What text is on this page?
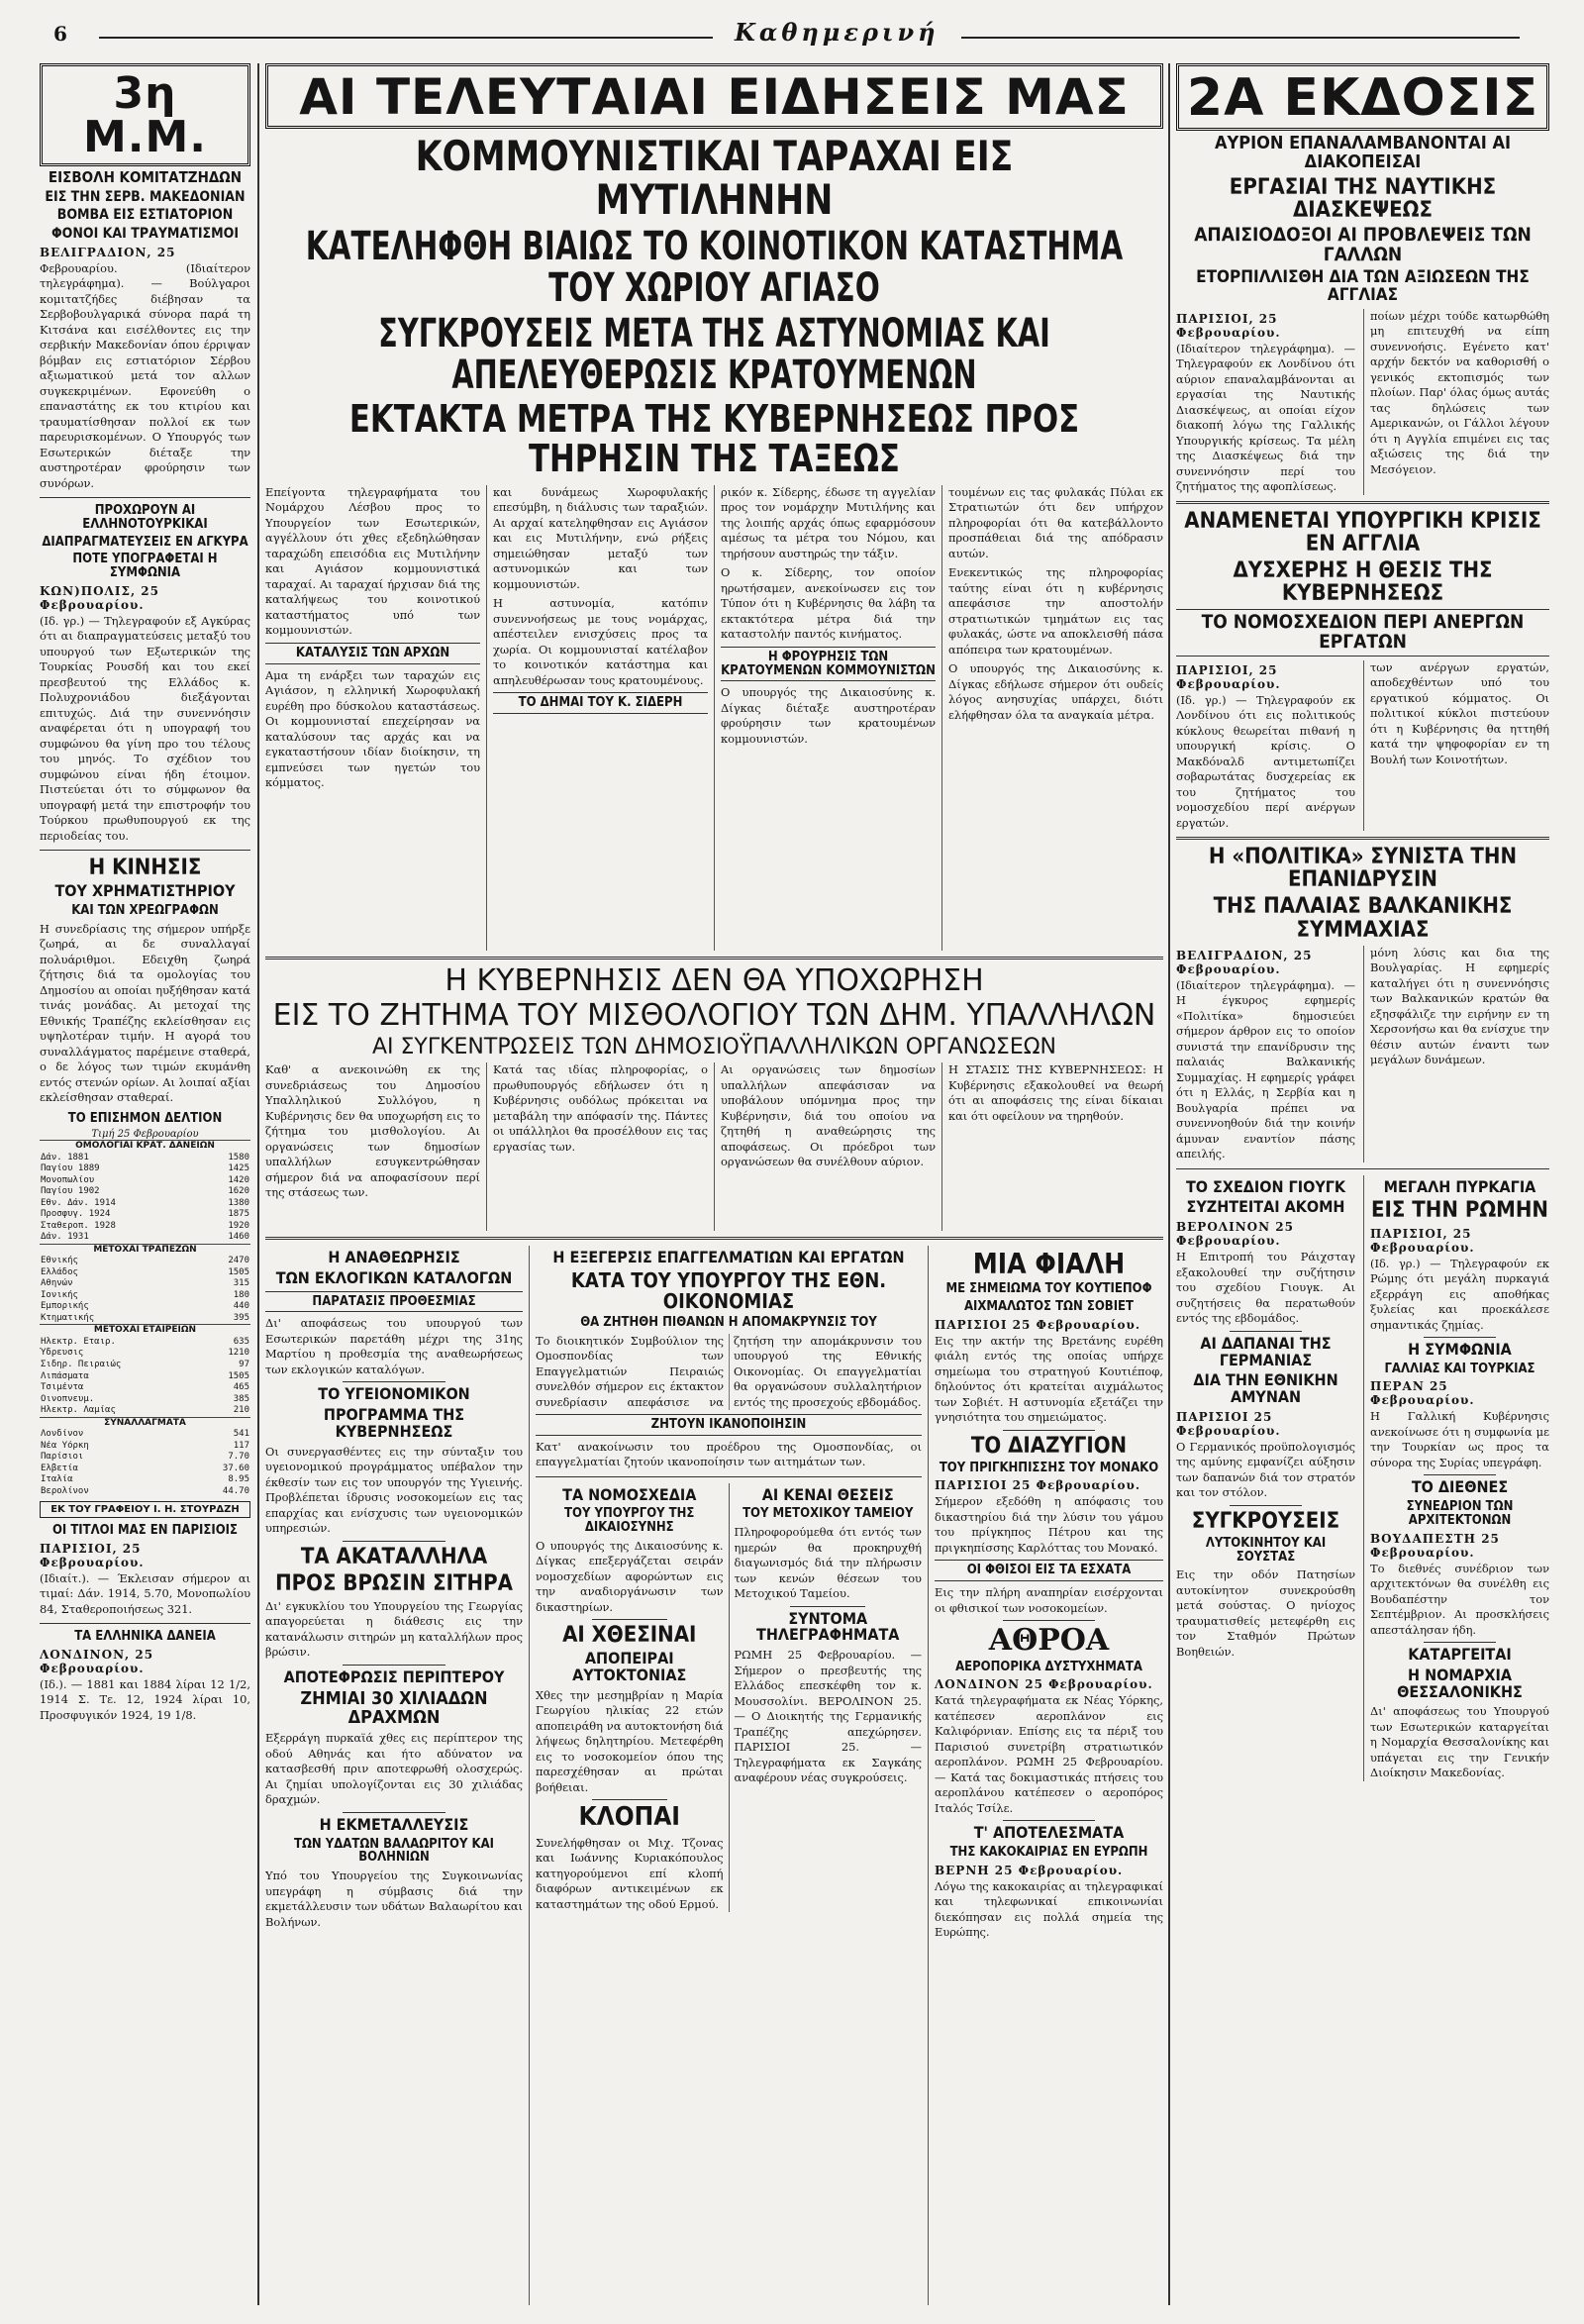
6	Καθημερινή
3η Μ.Μ.
ΕΙΣΒΟΛΗ ΚΟΜΙΤΑΤΖΗΔΩΝ
ΕΙΣ ΤΗΝ ΣΕΡΒ. ΜΑΚΕΔΟΝΙΑΝ
ΒΟΜΒΑ ΕΙΣ ΕΣΤΙΑΤΟΡΙΟΝ
ΦΟΝΟΙ ΚΑΙ ΤΡΑΥΜΑΤΙΣΜΟΙ
ΒΕΛΙΓΡΑΔΙΟΝ, 25
Φεβρουαρίου. (Ιδιαίτερον τηλεγράφημα). — Βούλγαροι κομιτατζήδες διέβησαν τα Σερβοβουλγαρικά σύνορα παρά τη Κιτσάνα και εισέλθοντες εις την σερβικήν Μακεδονίαν όπου έρριψαν βόμβαν εις εστιατόριον Σέρβου αξιωματικού μετά τον αλλων συγκεκριμένων. Εφονεύθη ο επαναστάτης εκ του κτιρίου και τραυματίσθησαν πολλοί εκ των παρευρισκομένων. Ο Υπουργός των Εσωτερικών διέταξε την αυστηροτέραν φρούρησιν των συνόρων.
ΠΡΟΧΩΡΟΥΝ ΑΙ ΕΛΛΗΝΟΤΟΥΡΚΙΚΑΙ
ΔΙΑΠΡΑΓΜΑΤΕΥΣΕΙΣ ΕΝ ΑΓΚΥΡΑ
ΠΟΤΕ ΥΠΟΓΡΑΦΕΤΑΙ Η ΣΥΜΦΩΝΙΑ
ΚΩΝ)ΠΟΛΙΣ, 25 Φεβρουαρίου.
(Ιδ. γρ.) — Τηλεγραφούν εξ Αγκύρας ότι αι διαπραγματεύσεις μεταξύ του υπουργού των Εξωτερικών της Τουρκίας Ρουσδή και του εκεί πρεσβευτού της Ελλάδος κ. Πολυχρονιάδου διεξάγονται επιτυχώς. Διά την συνεννόησιν αναφέρεται ότι η υπογραφή του συμφώνου θα γίνη προ του τέλους του μηνός. Το σχέδιον του συμφώνου είναι ήδη έτοιμον. Πιστεύεται ότι το σύμφωνον θα υπογραφή μετά την επιστροφήν του Τούρκου πρωθυπουργού εκ της περιοδείας του.
Η ΚΙΝΗΣΙΣ
ΤΟΥ ΧΡΗΜΑΤΙΣΤΗΡΙΟΥ
ΚΑΙ ΤΩΝ ΧΡΕΩΓΡΑΦΩΝ
Η συνεδρίασις της σήμερον υπήρξε ζωηρά, αι δε συναλλαγαί πολυάριθμοι. Εδειχθη ζωηρά ζήτησις διά τα ομολογίας του Δημοσίου αι οποίαι ηυξήθησαν κατά τινάς μονάδας. Αι μετοχαί της Εθνικής Τραπέζης εκλείσθησαν εις υψηλοτέραν τιμήν. Η αγορά του συναλλάγματος παρέμεινε σταθερά, ο δε λόγος των τιμών εκυμάνθη εντός στενών ορίων. Αι λοιπαί αξίαι εκλείσθησαν σταθεραί.
ΤΟ ΕΠΙΣΗΜΟΝ ΔΕΛΤΙΟΝ
Τιμή 25 Φεβρουαρίου
ΟΜΟΛΟΓΙΑΙ ΚΡΑΤ. ΔΑΝΕΙΩΝ	
Δάν. 1881	1580
Παγίου 1889	1425
Μονοπωλίου	1420
Παγίου 1902	1620
Εθν. Δάν. 1914	1380
Προσφυγ. 1924	1875
Σταθεροπ. 1928	1920
Δάν. 1931	1460
ΜΕΤΟΧΑΙ ΤΡΑΠΕΖΩΝ	
Εθνικής	2470
Ελλάδος	1505
Αθηνών	315
Ιονικής	180
Εμπορικής	440
Κτηματικής	395
ΜΕΤΟΧΑΙ ΕΤΑΙΡΕΙΩΝ	
Ηλεκτρ. Εταιρ.	635
Ύδρευσις	1210
Σιδηρ. Πειραιώς	97
Λιπάσματα	1505
Τσιμέντα	465
Οινοπνευμ.	385
Ηλεκτρ. Λαμίας	210
ΣΥΝΑΛΛΑΓΜΑΤΑ	
Λονδίνον	541
Νέα Υόρκη	117
Παρίσιοι	7.70
Ελβετία	37.60
Ιταλία	8.95
Βερολίνον	44.70
ΕΚ ΤΟΥ ΓΡΑΦΕΙΟΥ Ι. Η. ΣΤΟΥΡΔΖΗ
ΟΙ ΤΙΤΛΟΙ ΜΑΣ ΕΝ ΠΑΡΙΣΙΟΙΣ
ΠΑΡΙΣΙΟΙ, 25 Φεβρουαρίου.
(Ιδιαίτ.). — Έκλεισαν σήμερον αι τιμαί: Δάν. 1914, 5.70, Μονοπωλίου 84, Σταθεροποιήσεως 321.
ΤΑ ΕΛΛΗΝΙΚΑ ΔΑΝΕΙΑ
ΛΟΝΔΙΝΟΝ, 25 Φεβρουαρίου.
(Ιδ.). — 1881 και 1884 λίραι 12 1/2, 1914 Σ. Τε. 12, 1924 λίραι 10, Προσφυγικόν 1924, 19 1/8.
ΑΙ ΤΕΛΕΥΤΑΙΑΙ ΕΙΔΗΣΕΙΣ ΜΑΣ
ΚΟΜΜΟΥΝΙΣΤΙΚΑΙ ΤΑΡΑΧΑΙ ΕΙΣ ΜΥΤΙΛΗΝΗΝ
ΚΑΤΕΛΗΦΘΗ ΒΙΑΙΩΣ ΤΟ ΚΟΙΝΟΤΙΚΟΝ ΚΑΤΑΣΤΗΜΑ ΤΟΥ ΧΩΡΙΟΥ ΑΓΙΑΣΟ
ΣΥΓΚΡΟΥΣΕΙΣ ΜΕΤΑ ΤΗΣ ΑΣΤΥΝΟΜΙΑΣ ΚΑΙ ΑΠΕΛΕΥΘΕΡΩΣΙΣ ΚΡΑΤΟΥΜΕΝΩΝ
ΕΚΤΑΚΤΑ ΜΕΤΡΑ ΤΗΣ ΚΥΒΕΡΝΗΣΕΩΣ ΠΡΟΣ ΤΗΡΗΣΙΝ ΤΗΣ ΤΑΞΕΩΣ
Επείγοντα τηλεγραφήματα του Νομάρχου Λέσβου προς το Υπουργείον των Εσωτερικών, αγγέλλουν ότι χθες εξεδηλώθησαν ταραχώδη επεισόδια εις Μυτιλήνην και Αγιάσον κομμουνιστικά ταραχαί. Αι ταραχαί ήρχισαν διά της καταλήψεως του κοινοτικού καταστήματος υπό των κομμουνιστών.
ΚΑΤΑΛΥΣΙΣ ΤΩΝ ΑΡΧΩΝ
Αμα τη ενάρξει των ταραχών εις Αγιάσον, η ελληνική Χωροφυλακή ευρέθη προ δύσκολου καταστάσεως. Οι κομμουνισταί επεχείρησαν να καταλύσουν τας αρχάς και να εγκαταστήσουν ιδίαν διοίκησιν, τη εμπνεύσει των ηγετών του κόμματος.
και δυνάμεως Χωροφυλακής επεσύμβη, η διάλυσις των ταραξιών. Αι αρχαί κατεληφθησαν εις Αγιάσον και εις Μυτιλήνην, ενώ ρήξεις σημειώθησαν μεταξύ των αστυνομικών και των κομμουνιστών.
Η αστυνομία, κατόπιν συνεννοήσεως με τους νομάρχας, απέστειλεν ενισχύσεις προς τα χωρία. Οι κομμουνισταί κατέλαβον το κοινοτικόν κατάστημα και απηλευθέρωσαν τους κρατουμένους.
ΤΟ ΔΗΜΑΙ ΤΟΥ Κ. ΣΙΔΕΡΗ
ρικόν κ. Σίδερης, έδωσε τη αγγελίαν προς τον νομάρχην Μυτιλήνης και της λοιπής αρχάς όπως εφαρμόσουν αμέσως τα μέτρα του Νόμου, και τηρήσουν αυστηρώς την τάξιν.
Ο κ. Σίδερης, τον οποίον ηρωτήσαμεν, ανεκοίνωσεν εις τον Τύπον ότι η Κυβέρνησις θα λάβη τα εκτακτότερα μέτρα διά την καταστολήν παντός κινήματος.
Η ΦΡΟΥΡΗΣΙΣ ΤΩΝ ΚΡΑΤΟΥΜΕΝΩΝ ΚΟΜΜΟΥΝΙΣΤΩΝ
Ο υπουργός της Δικαιοσύνης κ. Δίγκας διέταξε αυστηροτέραν φρούρησιν των κρατουμένων κομμουνιστών.
τουμένων εις τας φυλακάς Πύλαι εκ Στρατιωτών ότι δεν υπήρχον πληροφορίαι ότι θα κατεβάλλοντο προσπάθειαι διά της απόδρασιν αυτών.
Ενεκεντικώς της πληροφορίας ταύτης είναι ότι η κυβέρνησις απεφάσισε την αποστολήν στρατιωτικών τμημάτων εις τας φυλακάς, ώστε να αποκλεισθή πάσα απόπειρα των κρατουμένων.
Ο υπουργός της Δικαιοσύνης κ. Δίγκας εδήλωσε σήμερον ότι ουδείς λόγος ανησυχίας υπάρχει, διότι ελήφθησαν όλα τα αναγκαία μέτρα.
Η ΚΥΒΕΡΝΗΣΙΣ ΔΕΝ ΘΑ ΥΠΟΧΩΡΗΣΗ
ΕΙΣ ΤΟ ΖΗΤΗΜΑ ΤΟΥ ΜΙΣΘΟΛΟΓΙΟΥ ΤΩΝ ΔΗΜ. ΥΠΑΛΛΗΛΩΝ
ΑΙ ΣΥΓΚΕΝΤΡΩΣΕΙΣ ΤΩΝ ΔΗΜΟΣΙΟΫΠΑΛΛΗΛΙΚΩΝ ΟΡΓΑΝΩΣΕΩΝ
Καθ' α ανεκοινώθη εκ της συνεδριάσεως του Δημοσίου Υπαλληλικού Συλλόγου, η Κυβέρνησις δεν θα υποχωρήση εις το ζήτημα του μισθολογίου. Αι οργανώσεις των δημοσίων υπαλλήλων εσυγκεντρώθησαν σήμερον διά να αποφασίσουν περί της στάσεως των.
Κατά τας ιδίας πληροφορίας, ο πρωθυπουργός εδήλωσεν ότι η Κυβέρνησις ουδόλως πρόκειται να μεταβάλη την απόφασίν της. Πάντες οι υπάλληλοι θα προσέλθουν εις τας εργασίας των.
Αι οργανώσεις των δημοσίων υπαλλήλων απεφάσισαν να υποβάλουν υπόμνημα προς την Κυβέρνησιν, διά του οποίου να ζητηθή η αναθεώρησις της αποφάσεως. Οι πρόεδροι των οργανώσεων θα συνέλθουν αύριον.
Η ΣΤΑΣΙΣ ΤΗΣ ΚΥΒΕΡΝΗΣΕΩΣ: Η Κυβέρνησις εξακολουθεί να θεωρή ότι αι αποφάσεις της είναι δίκαιαι και ότι οφείλουν να τηρηθούν.
Η ΑΝΑΘΕΩΡΗΣΙΣ
ΤΩΝ ΕΚΛΟΓΙΚΩΝ ΚΑΤΑΛΟΓΩΝ
ΠΑΡΑΤΑΣΙΣ ΠΡΟΘΕΣΜΙΑΣ
Δι' αποφάσεως του υπουργού των Εσωτερικών παρετάθη μέχρι της 31ης Μαρτίου η προθεσμία της αναθεωρήσεως των εκλογικών καταλόγων.
ΤΟ ΥΓΕΙΟΝΟΜΙΚΟΝ
ΠΡΟΓΡΑΜΜΑ ΤΗΣ ΚΥΒΕΡΝΗΣΕΩΣ
Οι συνεργασθέντες εις την σύνταξιν του υγειονομικού προγράμματος υπέβαλον την έκθεσίν των εις τον υπουργόν της Υγιεινής. Προβλέπεται ίδρυσις νοσοκομείων εις τας επαρχίας και ενίσχυσις των υγειονομικών υπηρεσιών.
ΤΑ ΑΚΑΤΑΛΛΗΛΑ
ΠΡΟΣ ΒΡΩΣΙΝ ΣΙΤΗΡΑ
Δι' εγκυκλίου του Υπουργείου της Γεωργίας απαγορεύεται η διάθεσις εις την κατανάλωσιν σιτηρών μη καταλλήλων προς βρώσιν.
ΑΠΟΤΕΦΡΩΣΙΣ ΠΕΡΙΠΤΕΡΟΥ
ΖΗΜΙΑΙ 30 ΧΙΛΙΑΔΩΝ ΔΡΑΧΜΩΝ
Εξερράγη πυρκαϊά χθες εις περίπτερον της οδού Αθηνάς και ήτο αδύνατον να κατασβεσθή πριν αποτεφρωθή ολοσχερώς. Αι ζημίαι υπολογίζονται εις 30 χιλιάδας δραχμών.
Η ΕΚΜΕΤΑΛΛΕΥΣΙΣ
ΤΩΝ ΥΔΑΤΩΝ ΒΑΛΑΩΡΙΤΟΥ ΚΑΙ ΒΟΛΗΝΙΩΝ
Υπό του Υπουργείου της Συγκοινωνίας υπεγράφη η σύμβασις διά την εκμετάλλευσιν των υδάτων Βαλαωρίτου και Βολήνων.
Η ΕΞΕΓΕΡΣΙΣ ΕΠΑΓΓΕΛΜΑΤΙΩΝ ΚΑΙ ΕΡΓΑΤΩΝ
ΚΑΤΑ ΤΟΥ ΥΠΟΥΡΓΟΥ ΤΗΣ ΕΘΝ. ΟΙΚΟΝΟΜΙΑΣ
ΘΑ ΖΗΤΗΘΗ ΠΙΘΑΝΩΝ Η ΑΠΟΜΑΚΡΥΝΣΙΣ ΤΟΥ
Το διοικητικόν Συμβούλιον της Ομοσπονδίας των Επαγγελματιών Πειραιώς συνελθόν σήμερον εις έκτακτον συνεδρίασιν απεφάσισε να ζητήση την απομάκρυνσιν του υπουργού της Εθνικής Οικονομίας. Οι επαγγελματίαι θα οργανώσουν συλλαλητήριον εντός της προσεχούς εβδομάδος.
ΖΗΤΟΥΝ ΙΚΑΝΟΠΟΙΗΣΙΝ
Κατ' ανακοίνωσιν του προέδρου της Ομοσπονδίας, οι επαγγελματίαι ζητούν ικανοποίησιν των αιτημάτων των.
ΤΑ ΝΟΜΟΣΧΕΔΙΑ
ΤΟΥ ΥΠΟΥΡΓΟΥ ΤΗΣ ΔΙΚΑΙΟΣΥΝΗΣ
Ο υπουργός της Δικαιοσύνης κ. Δίγκας επεξεργάζεται σειράν νομοσχεδίων αφορώντων εις την αναδιοργάνωσιν των δικαστηρίων.
ΑΙ ΧΘΕΣΙΝΑΙ
ΑΠΟΠΕΙΡΑΙ ΑΥΤΟΚΤΟΝΙΑΣ
Χθες την μεσημβρίαν η Μαρία Γεωργίου ηλικίας 22 ετών αποπειράθη να αυτοκτονήση διά λήψεως δηλητηρίου. Μετεφέρθη εις το νοσοκομείον όπου της παρεσχέθησαν αι πρώται βοήθειαι.
ΚΛΟΠΑΙ
Συνελήφθησαν οι Μιχ. Τζονας και Ιωάννης Κυριακόπουλος κατηγορούμενοι επί κλοπή διαφόρων αντικειμένων εκ καταστημάτων της οδού Ερμού.
ΑΙ ΚΕΝΑΙ ΘΕΣΕΙΣ
ΤΟΥ ΜΕΤΟΧΙΚΟΥ ΤΑΜΕΙΟΥ
Πληροφορούμεθα ότι εντός των ημερών θα προκηρυχθή διαγωνισμός διά την πλήρωσιν των κενών θέσεων του Μετοχικού Ταμείου.
ΣΥΝΤΟΜΑ ΤΗΛΕΓΡΑΦΗΜΑΤΑ
ΡΩΜΗ 25 Φεβρουαρίου. — Σήμερον ο πρεσβευτής της Ελλάδος επεσκέφθη τον κ. Μουσσολίνι. ΒΕΡΟΛΙΝΟΝ 25. — Ο Διοικητής της Γερμανικής Τραπέζης απεχώρησεν. ΠΑΡΙΣΙΟΙ 25. — Τηλεγραφήματα εκ Σαγκάης αναφέρουν νέας συγκρούσεις.
ΜΙΑ ΦΙΑΛΗ
ΜΕ ΣΗΜΕΙΩΜΑ ΤΟΥ ΚΟΥΤΙΕΠΟΦ
ΑΙΧΜΑΛΩΤΟΣ ΤΩΝ ΣΟΒΙΕΤ
ΠΑΡΙΣΙΟΙ 25 Φεβρουαρίου.
Εις την ακτήν της Βρετάνης ευρέθη φιάλη εντός της οποίας υπήρχε σημείωμα του στρατηγού Κουτιέποφ, δηλούντος ότι κρατείται αιχμάλωτος των Σοβιέτ. Η αστυνομία εξετάζει την γνησιότητα του σημειώματος.
ΤΟ ΔΙΑΖΥΓΙΟΝ
ΤΟΥ ΠΡΙΓΚΗΠΙΣΣΗΣ ΤΟΥ ΜΟΝΑΚΟ
ΠΑΡΙΣΙΟΙ 25 Φεβρουαρίου.
Σήμερον εξεδόθη η απόφασις του δικαστηρίου διά την λύσιν του γάμου του πρίγκηπος Πέτρου και της πριγκηπίσσης Καρλόττας του Μονακό.
ΟΙ ΦΘΙΣΟΙ ΕΙΣ ΤΑ ΕΣΧΑΤΑ
Εις την πλήρη αναπηρίαν εισέρχονται οι φθισικοί των νοσοκομείων.
ΑΘΡΟΑ
ΑΕΡΟΠΟΡΙΚΑ ΔΥΣΤΥΧΗΜΑΤΑ
ΛΟΝΔΙΝΟΝ 25 Φεβρουαρίου.
Κατά τηλεγραφήματα εκ Νέας Υόρκης, κατέπεσεν αεροπλάνον εις Καλιφόρνιαν. Επίσης εις τα πέριξ του Παρισιού συνετρίβη στρατιωτικόν αεροπλάνον. ΡΩΜΗ 25 Φεβρουαρίου. — Κατά τας δοκιμαστικάς πτήσεις του αεροπλάνου κατέπεσεν ο αεροπόρος Ιταλός Τσίλε.
Τ' ΑΠΟΤΕΛΕΣΜΑΤΑ
ΤΗΣ ΚΑΚΟΚΑΙΡΙΑΣ ΕΝ ΕΥΡΩΠΗ
ΒΕΡΝΗ 25 Φεβρουαρίου.
Λόγω της κακοκαιρίας αι τηλεγραφικαί και τηλεφωνικαί επικοινωνίαι διεκόπησαν εις πολλά σημεία της Ευρώπης.
2Α ΕΚΔΟΣΙΣ
ΑΥΡΙΟΝ ΕΠΑΝΑΛΑΜΒΑΝΟΝΤΑΙ ΑΙ ΔΙΑΚΟΠΕΙΣΑΙ
ΕΡΓΑΣΙΑΙ ΤΗΣ ΝΑΥΤΙΚΗΣ ΔΙΑΣΚΕΨΕΩΣ
ΑΠΑΙΣΙΟΔΟΞΟΙ ΑΙ ΠΡΟΒΛΕΨΕΙΣ ΤΩΝ ΓΑΛΛΩΝ
ΕΤΟΡΠΙΛΛΙΣΘΗ ΔΙΑ ΤΩΝ ΑΞΙΩΣΕΩΝ ΤΗΣ ΑΓΓΛΙΑΣ
ΠΑΡΙΣΙΟΙ, 25 Φεβρουαρίου.
(Ιδιαίτερον τηλεγράφημα). — Τηλεγραφούν εκ Λονδίνου ότι αύριον επαναλαμβάνονται αι εργασίαι της Ναυτικής Διασκέψεως, αι οποίαι είχον διακοπή λόγω της Γαλλικής Υπουργικής κρίσεως. Τα μέλη της Διασκέψεως διά την συνεννόησιν περί του ζητήματος της αφοπλίσεως.
ποίων μέχρι τούδε κατωρθώθη μη επιτευχθή να είπη συνεννοήσις. Εγένετο κατ' αρχήν δεκτόν να καθορισθή ο γενικός εκτοπισμός των πλοίων. Παρ' όλας όμως αυτάς τας δηλώσεις των Αμερικανών, οι Γάλλοι λέγουν ότι η Αγγλία επιμένει εις τας αξιώσεις της διά την Μεσόγειον.
ΑΝΑΜΕΝΕΤΑΙ ΥΠΟΥΡΓΙΚΗ ΚΡΙΣΙΣ ΕΝ ΑΓΓΛΙΑ
ΔΥΣΧΕΡΗΣ Η ΘΕΣΙΣ ΤΗΣ ΚΥΒΕΡΝΗΣΕΩΣ
ΤΟ ΝΟΜΟΣΧΕΔΙΟΝ ΠΕΡΙ ΑΝΕΡΓΩΝ ΕΡΓΑΤΩΝ
ΠΑΡΙΣΙΟΙ, 25 Φεβρουαρίου.
(Ιδ. γρ.) — Τηλεγραφούν εκ Λονδίνου ότι εις πολιτικούς κύκλους θεωρείται πιθανή η υπουργική κρίσις. Ο Μακδόναλδ αντιμετωπίζει σοβαρωτάτας δυσχερείας εκ του ζητήματος του νομοσχεδίου περί ανέργων εργατών.
των ανέργων εργατών, αποδεχθέντων υπό του εργατικού κόμματος. Οι πολιτικοί κύκλοι πιστεύουν ότι η Κυβέρνησις θα ηττηθή κατά την ψηφοφορίαν εν τη Βουλή των Κοινοτήτων.
Η «ΠΟΛΙΤΙΚΑ» ΣΥΝΙΣΤΑ ΤΗΝ ΕΠΑΝΙΔΡΥΣΙΝ
ΤΗΣ ΠΑΛΑΙΑΣ ΒΑΛΚΑΝΙΚΗΣ ΣΥΜΜΑΧΙΑΣ
ΒΕΛΙΓΡΑΔΙΟΝ, 25 Φεβρουαρίου.
(Ιδιαίτερον τηλεγράφημα). — Η έγκυρος εφημερίς «Πολιτίκα» δημοσιεύει σήμερον άρθρον εις το οποίον συνιστά την επανίδρυσιν της παλαιάς Βαλκανικής Συμμαχίας. Η εφημερίς γράφει ότι η Ελλάς, η Σερβία και η Βουλγαρία πρέπει να συνεννοηθούν διά την κοινήν άμυναν εναντίον πάσης απειλής.
μόνη λύσις και δια της Βουλγαρίας. Η εφημερίς καταλήγει ότι η συνεννόησις των Βαλκανικών κρατών θα εξησφάλιζε την ειρήνην εν τη Χερσονήσω και θα ενίσχυε την θέσιν αυτών έναντι των μεγάλων δυνάμεων.
ΤΟ ΣΧΕΔΙΟΝ ΓΙΟΥΓΚ
ΣΥΖΗΤΕΙΤΑΙ ΑΚΟΜΗ
ΒΕΡΟΛΙΝΟΝ 25 Φεβρουαρίου.
Η Επιτροπή του Ράιχσταγ εξακολουθεί την συζήτησιν του σχεδίου Γιουγκ. Αι συζητήσεις θα περατωθούν εντός της εβδομάδος.
ΑΙ ΔΑΠΑΝΑΙ ΤΗΣ ΓΕΡΜΑΝΙΑΣ
ΔΙΑ ΤΗΝ ΕΘΝΙΚΗΝ ΑΜΥΝΑΝ
ΠΑΡΙΣΙΟΙ 25 Φεβρουαρίου.
Ο Γερμανικός προϋπολογισμός της αμύνης εμφανίζει αύξησιν των δαπανών διά τον στρατόν και τον στόλον.
ΣΥΓΚΡΟΥΣΕΙΣ
ΛΥΤΟΚΙΝΗΤΟΥ ΚΑΙ ΣΟΥΣΤΑΣ
Εις την οδόν Πατησίων αυτοκίνητον συνεκρούσθη μετά σούστας. Ο ηνίοχος τραυματισθείς μετεφέρθη εις τον Σταθμόν Πρώτων Βοηθειών.
ΜΕΓΑΛΗ ΠΥΡΚΑΓΙΑ
ΕΙΣ ΤΗΝ ΡΩΜΗΝ
ΠΑΡΙΣΙΟΙ, 25 Φεβρουαρίου.
(Ιδ. γρ.) — Τηλεγραφούν εκ Ρώμης ότι μεγάλη πυρκαγιά εξερράγη εις αποθήκας ξυλείας και προεκάλεσε σημαντικάς ζημίας.
Η ΣΥΜΦΩΝΙΑ
ΓΑΛΛΙΑΣ ΚΑΙ ΤΟΥΡΚΙΑΣ
ΠΕΡΑΝ 25 Φεβρουαρίου.
Η Γαλλική Κυβέρνησις ανεκοίνωσε ότι η συμφωνία με την Τουρκίαν ως προς τα σύνορα της Συρίας υπεγράφη.
ΤΟ ΔΙΕΘΝΕΣ
ΣΥΝΕΔΡΙΟΝ ΤΩΝ ΑΡΧΙΤΕΚΤΟΝΩΝ
ΒΟΥΔΑΠΕΣΤΗ 25 Φεβρουαρίου.
Το διεθνές συνέδριον των αρχιτεκτόνων θα συνέλθη εις Βουδαπέστην τον Σεπτέμβριον. Αι προσκλήσεις απεστάλησαν ήδη.
ΚΑΤΑΡΓΕΙΤΑΙ
Η ΝΟΜΑΡΧΙΑ ΘΕΣΣΑΛΟΝΙΚΗΣ
Δι' αποφάσεως του Υπουργού των Εσωτερικών καταργείται η Νομαρχία Θεσσαλονίκης και υπάγεται εις την Γενικήν Διοίκησιν Μακεδονίας.
